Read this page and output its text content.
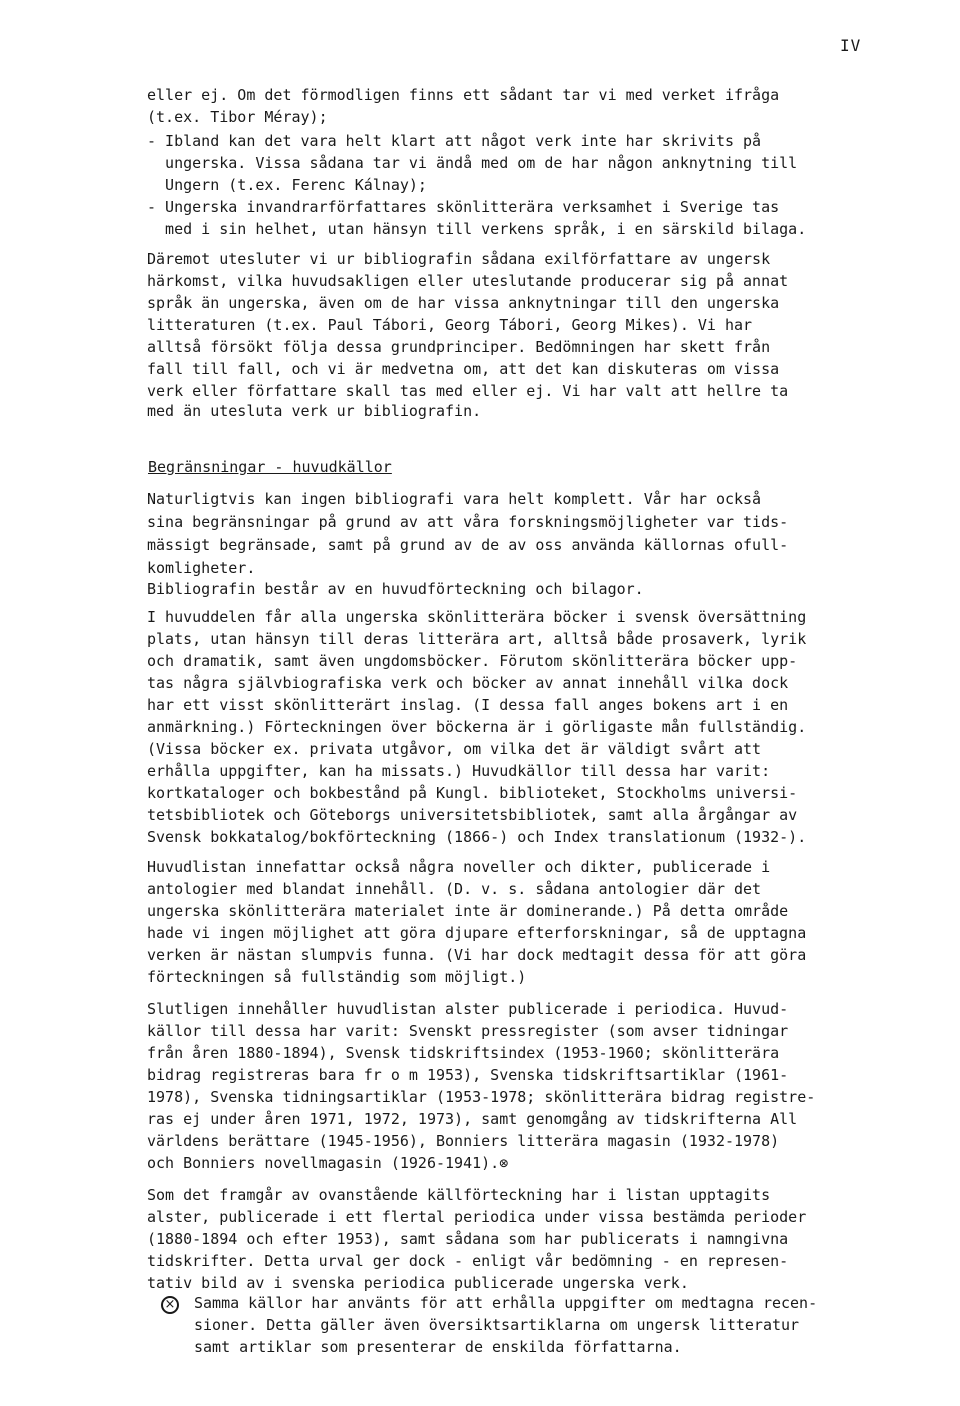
IV
eller ej. Om det förmodligen finns ett sådant tar vi med verket ifråga
(t.ex. Tibor Méray);
- Ibland kan det vara helt klart att något verk inte har skrivits på
ungerska. Vissa sådana tar vi ändå med om de har någon anknytning till
Ungern (t.ex. Ferenc Kálnay);
- Ungerska invandrarförfattares skönlitterära verksamhet i Sverige tas
med i sin helhet, utan hänsyn till verkens språk, i en särskild bilaga.
Däremot utesluter vi ur bibliografin sådana exilförfattare av ungersk
härkomst, vilka huvudsakligen eller uteslutande producerar sig på annat
språk än ungerska, även om de har vissa anknytningar till den ungerska
litteraturen (t.ex. Paul Tábori, Georg Tábori, Georg Mikes). Vi har
alltså försökt följa dessa grundprinciper. Bedömningen har skett från
fall till fall, och vi är medvetna om, att det kan diskuteras om vissa
verk eller författare skall tas med eller ej. Vi har valt att hellre ta
med än utesluta verk ur bibliografin.
Begränsningar - huvudkällor
Naturligtvis kan ingen bibliografi vara helt komplett. Vår har också
sina begränsningar på grund av att våra forskningsmöjligheter var tids-
mässigt begränsade, samt på grund av de av oss använda källornas ofull-
komligheter.
Bibliografin består av en huvudförteckning och bilagor.
I huvuddelen får alla ungerska skönlitterära böcker i svensk översättning
plats, utan hänsyn till deras litterära art, alltså både prosaverk, lyrik
och dramatik, samt även ungdomsböcker. Förutom skönlitterära böcker upp-
tas några självbiografiska verk och böcker av annat innehåll vilka dock
har ett visst skönlitterärt inslag. (I dessa fall anges bokens art i en
anmärkning.) Förteckningen över böckerna är i görligaste mån fullständig.
(Vissa böcker ex. privata utgåvor, om vilka det är väldigt svårt att
erhålla uppgifter, kan ha missats.) Huvudkällor till dessa har varit:
kortkataloger och bokbestånd på Kungl. biblioteket, Stockholms universi-
tetsbibliotek och Göteborgs universitetsbibliotek, samt alla årgångar av
Svensk bokkatalog/bokförteckning (1866-) och Index translationum (1932-).
Huvudlistan innefattar också några noveller och dikter, publicerade i
antologier med blandat innehåll. (D. v. s. sådana antologier där det
ungerska skönlitterära materialet inte är dominerande.) På detta område
hade vi ingen möjlighet att göra djupare efterforskningar, så de upptagna
verken är nästan slumpvis funna. (Vi har dock medtagit dessa för att göra
förteckningen så fullständig som möjligt.)
Slutligen innehåller huvudlistan alster publicerade i periodica. Huvud-
källor till dessa har varit: Svenskt pressregister (som avser tidningar
från åren 1880-1894), Svensk tidskriftsindex (1953-1960; skönlitterära
bidrag registreras bara fr o m 1953), Svenska tidskriftsartiklar (1961-
1978), Svenska tidningsartiklar (1953-1978; skönlitterära bidrag registre-
ras ej under åren 1971, 1972, 1973), samt genomgång av tidskrifterna All
världens berättare (1945-1956), Bonniers litterära magasin (1932-1978)
och Bonniers novellmagasin (1926-1941).⊗
Som det framgår av ovanstående källförteckning har i listan upptagits
alster, publicerade i ett flertal periodica under vissa bestämda perioder
(1880-1894 och efter 1953), samt sådana som har publicerats i namngivna
tidskrifter. Detta urval ger dock - enligt vår bedömning - en represen-
tativ bild av i svenska periodica publicerade ungerska verk.
× Samma källor har använts för att erhålla uppgifter om medtagna recen-
sioner. Detta gäller även översiktsartiklarna om ungersk litteratur
samt artiklar som presenterar de enskilda författarna.
